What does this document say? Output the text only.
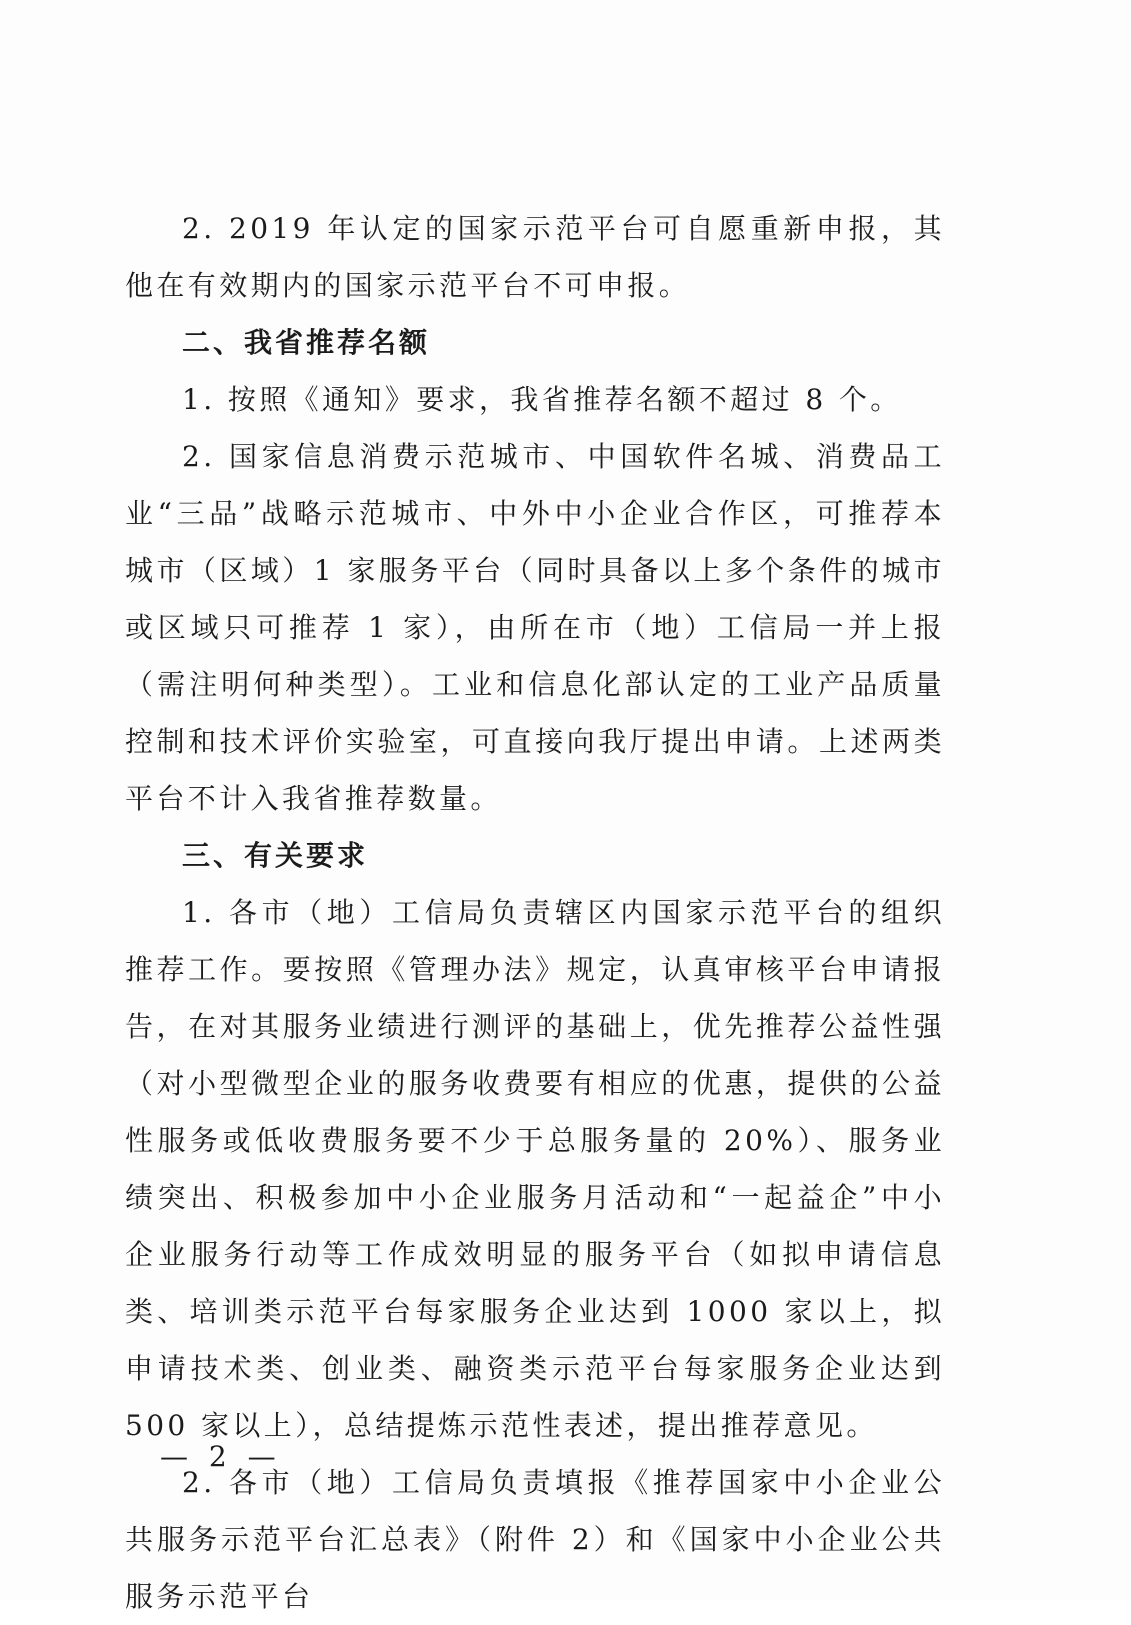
2. 2019 年认定的国家示范平台可自愿重新申报，其他在有效期内的国家示范平台不可申报。

二、我省推荐名额

1. 按照《通知》要求，我省推荐名额不超过 8 个。

2. 国家信息消费示范城市、中国软件名城、消费品工业“三品”战略示范城市、中外中小企业合作区，可推荐本城市（区域）1 家服务平台（同时具备以上多个条件的城市或区域只可推荐 1 家），由所在市（地）工信局一并上报（需注明何种类型）。工业和信息化部认定的工业产品质量控制和技术评价实验室，可直接向我厅提出申请。上述两类平台不计入我省推荐数量。

三、有关要求

1. 各市（地）工信局负责辖区内国家示范平台的组织推荐工作。要按照《管理办法》规定，认真审核平台申请报告，在对其服务业绩进行测评的基础上，优先推荐公益性强（对小型微型企业的服务收费要有相应的优惠，提供的公益性服务或低收费服务要不少于总服务量的 20%）、服务业绩突出、积极参加中小企业服务月活动和“一起益企”中小企业服务行动等工作成效明显的服务平台（如拟申请信息类、培训类示范平台每家服务企业达到 1000 家以上，拟申请技术类、创业类、融资类示范平台每家服务企业达到 500 家以上），总结提炼示范性表述，提出推荐意见。

2. 各市（地）工信局负责填报《推荐国家中小企业公共服务示范平台汇总表》（附件 2）和《国家中小企业公共服务示范平台

— 2 —
